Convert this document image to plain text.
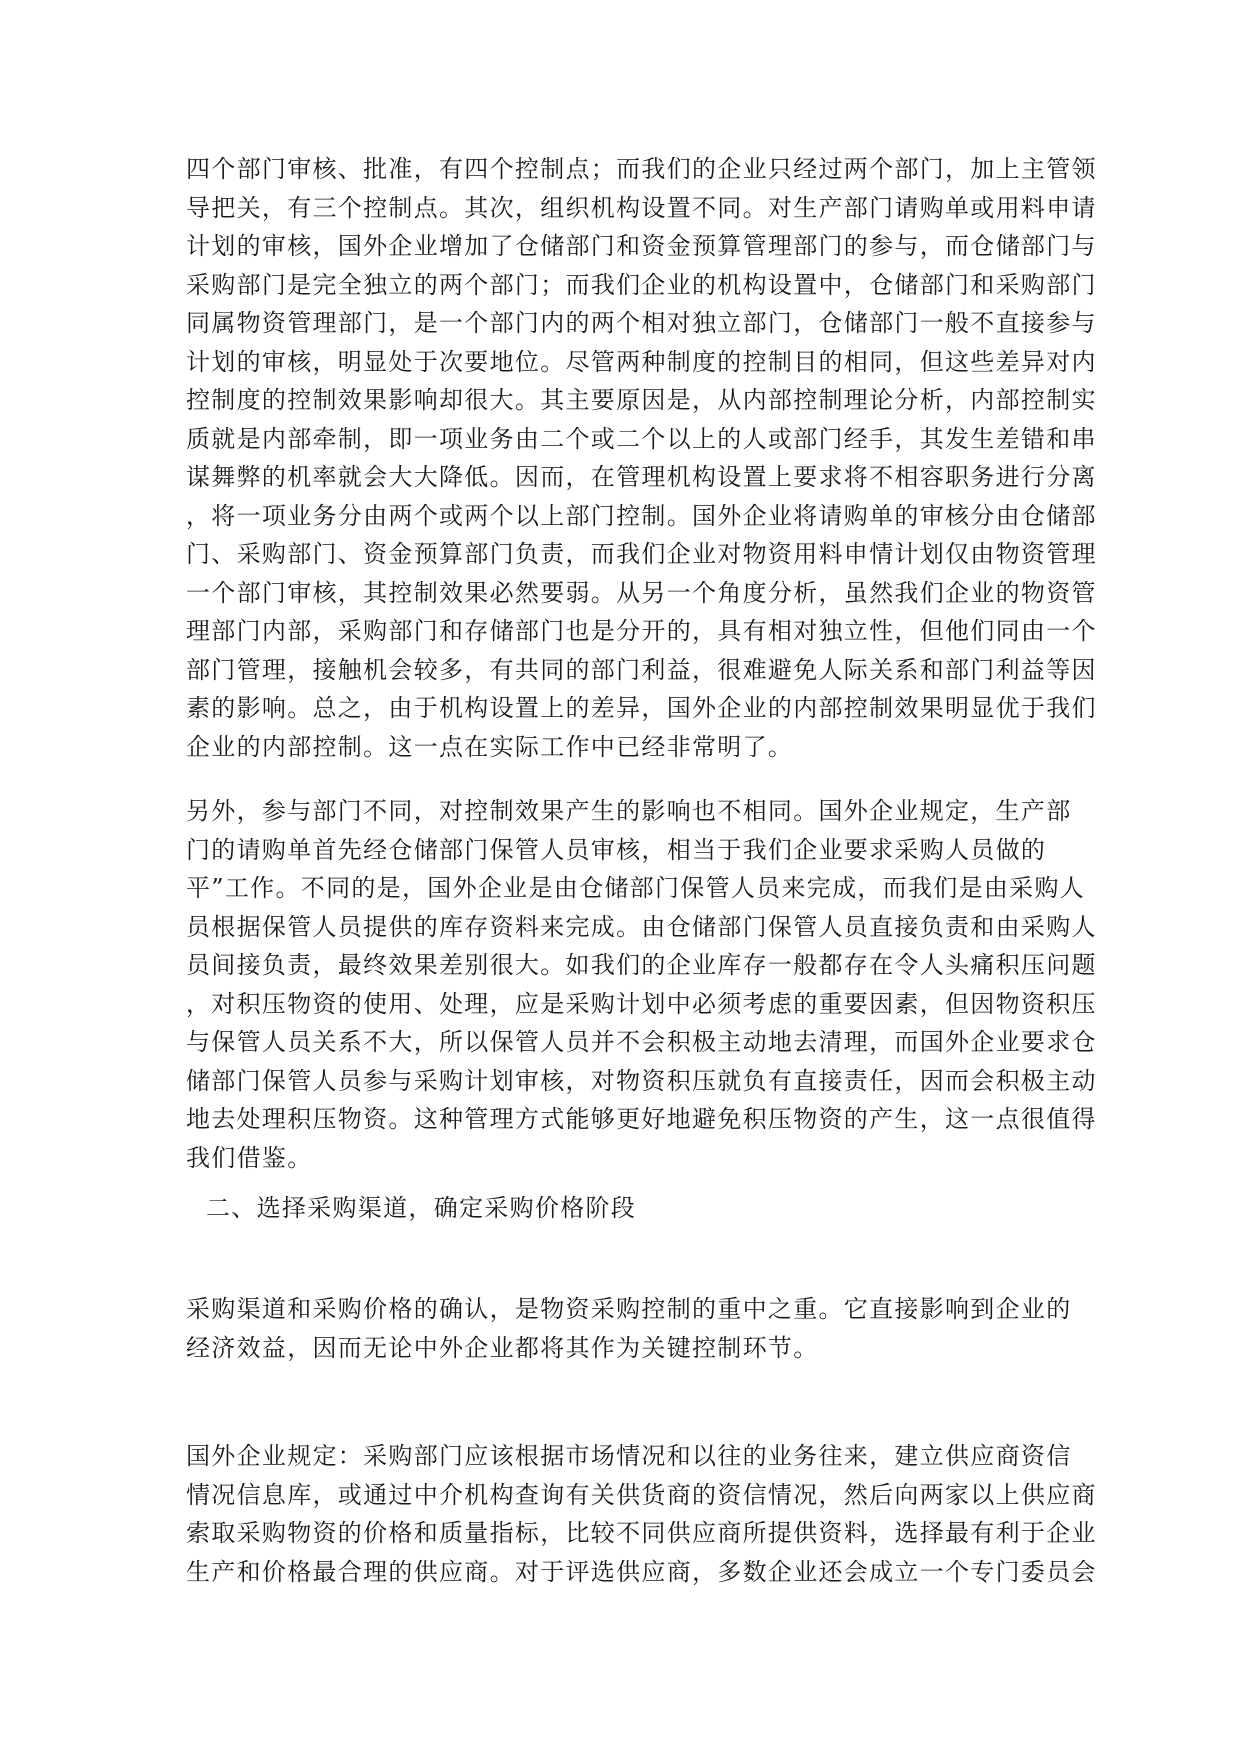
四个部门审核、批准，有四个控制点；而我们的企业只经过两个部门，加上主管领
导把关，有三个控制点。其次，组织机构设置不同。对生产部门请购单或用料申请
计划的审核，国外企业增加了仓储部门和资金预算管理部门的参与，而仓储部门与
采购部门是完全独立的两个部门；而我们企业的机构设置中，仓储部门和采购部门
同属物资管理部门，是一个部门内的两个相对独立部门，仓储部门一般不直接参与
计划的审核，明显处于次要地位。尽管两种制度的控制目的相同，但这些差异对内
控制度的控制效果影响却很大。其主要原因是，从内部控制理论分析，内部控制实
质就是内部牵制，即一项业务由二个或二个以上的人或部门经手，其发生差错和串
谋舞弊的机率就会大大降低。因而，在管理机构设置上要求将不相容职务进行分离
，将一项业务分由两个或两个以上部门控制。国外企业将请购单的审核分由仓储部
门、采购部门、资金预算部门负责，而我们企业对物资用料申情计划仅由物资管理
一个部门审核，其控制效果必然要弱。从另一个角度分析，虽然我们企业的物资管
理部门内部，采购部门和存储部门也是分开的，具有相对独立性，但他们同由一个
部门管理，接触机会较多，有共同的部门利益，很难避免人际关系和部门利益等因
素的影响。总之，由于机构设置上的差异，国外企业的内部控制效果明显优于我们
企业的内部控制。这一点在实际工作中已经非常明了。

另外，参与部门不同，对控制效果产生的影响也不相同。国外企业规定，生产部
门的请购单首先经仓储部门保管人员审核，相当于我们企业要求采购人员做的
平”工作。不同的是，国外企业是由仓储部门保管人员来完成，而我们是由采购人
员根据保管人员提供的库存资料来完成。由仓储部门保管人员直接负责和由采购人
员间接负责，最终效果差别很大。如我们的企业库存一般都存在令人头痛积压问题
，对积压物资的使用、处理，应是采购计划中必须考虑的重要因素，但因物资积压
与保管人员关系不大，所以保管人员并不会积极主动地去清理，而国外企业要求仓
储部门保管人员参与采购计划审核，对物资积压就负有直接责任，因而会积极主动
地去处理积压物资。这种管理方式能够更好地避免积压物资的产生，这一点很值得
我们借鉴。

二、选择采购渠道，确定采购价格阶段

采购渠道和采购价格的确认，是物资采购控制的重中之重。它直接影响到企业的
经济效益，因而无论中外企业都将其作为关键控制环节。

国外企业规定：采购部门应该根据市场情况和以往的业务往来，建立供应商资信
情况信息库，或通过中介机构查询有关供货商的资信情况，然后向两家以上供应商
索取采购物资的价格和质量指标，比较不同供应商所提供资料，选择最有利于企业
生产和价格最合理的供应商。对于评选供应商，多数企业还会成立一个专门委员会
